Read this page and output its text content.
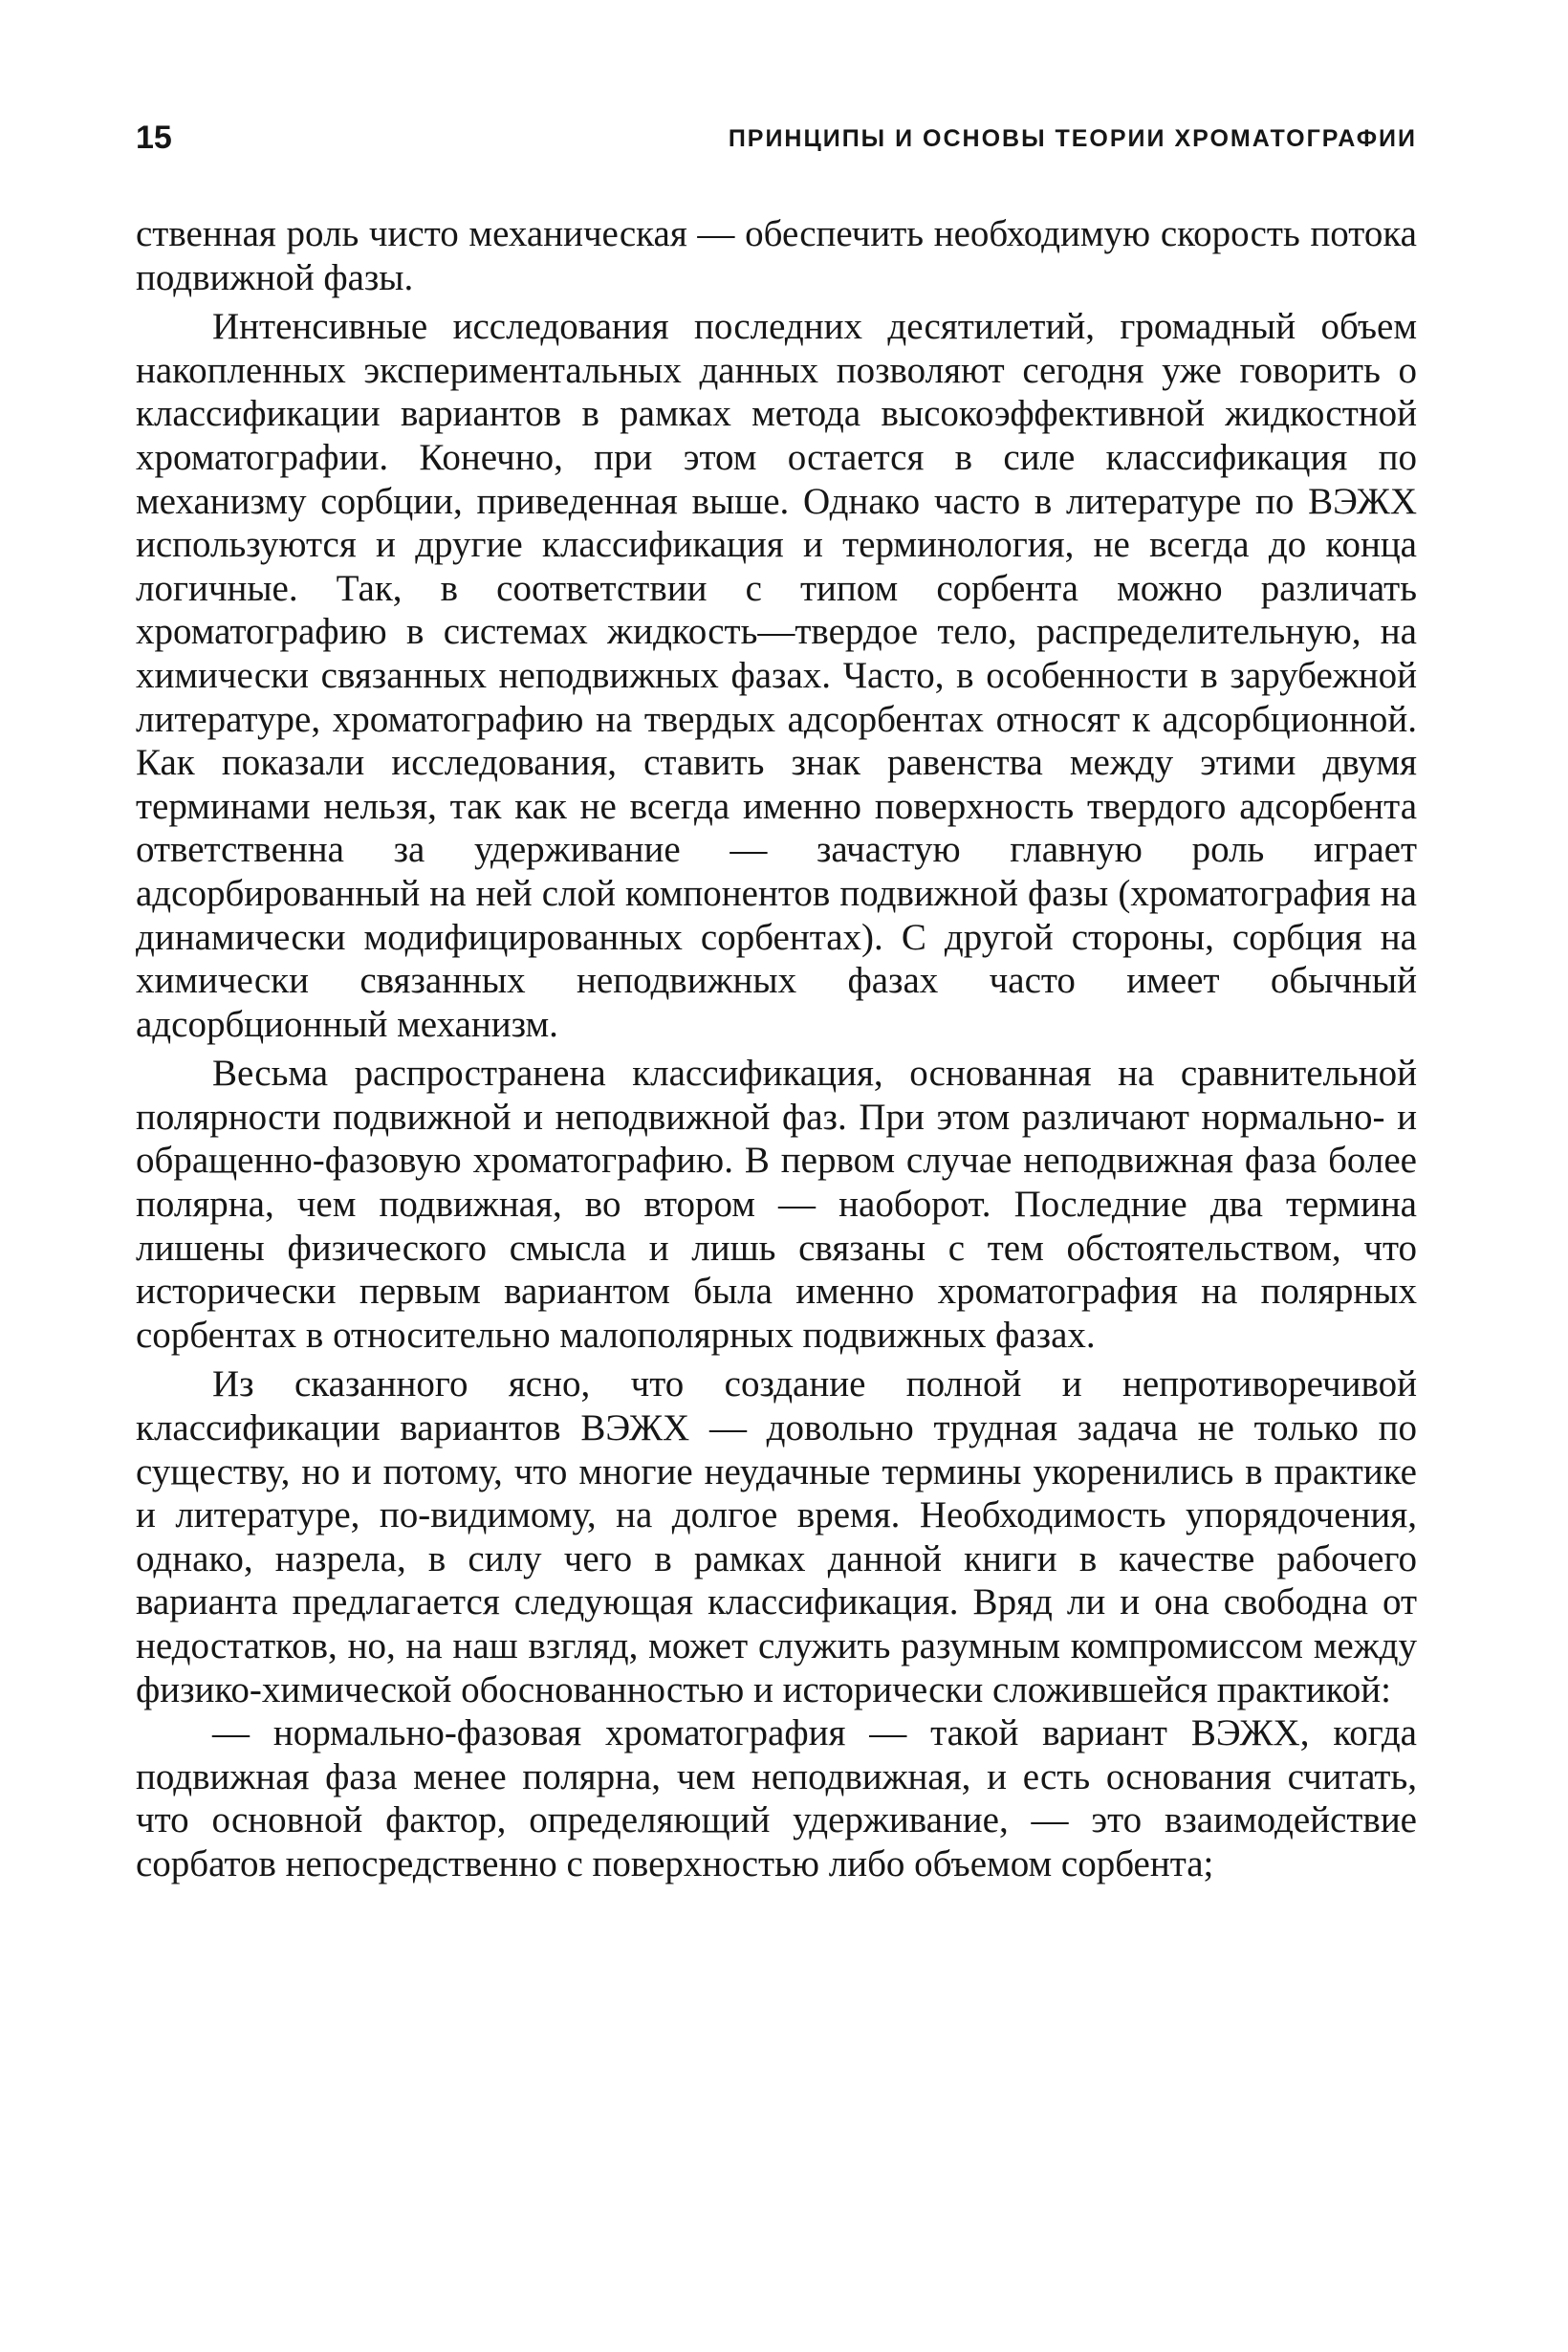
15	ПРИНЦИПЫ И ОСНОВЫ ТЕОРИИ ХРОМАТОГРАФИИ

ственная роль чисто механическая — обеспечить необходимую скорость потока подвижной фазы.

Интенсивные исследования последних десятилетий, громадный объем накопленных экспериментальных данных позволяют сегодня уже говорить о классификации вариантов в рамках метода высокоэффективной жидкостной хроматографии. Конечно, при этом остается в силе классификация по механизму сорбции, приведенная выше. Однако часто в литературе по ВЭЖХ используются и другие классификация и терминология, не всегда до конца логичные. Так, в соответствии с типом сорбента можно различать хроматографию в системах жидкость—твердое тело, распределительную, на химически связанных неподвижных фазах. Часто, в особенности в зарубежной литературе, хроматографию на твердых адсорбентах относят к адсорбционной. Как показали исследования, ставить знак равенства между этими двумя терминами нельзя, так как не всегда именно поверхность твердого адсорбента ответственна за удерживание — зачастую главную роль играет адсорбированный на ней слой компонентов подвижной фазы (хроматография на динамически модифицированных сорбентах). С другой стороны, сорбция на химически связанных неподвижных фазах часто имеет обычный адсорбционный механизм.

Весьма распространена классификация, основанная на сравнительной полярности подвижной и неподвижной фаз. При этом различают нормально- и обращенно-фазовую хроматографию. В первом случае неподвижная фаза более полярна, чем подвижная, во втором — наоборот. Последние два термина лишены физического смысла и лишь связаны с тем обстоятельством, что исторически первым вариантом была именно хроматография на полярных сорбентах в относительно малополярных подвижных фазах.

Из сказанного ясно, что создание полной и непротиворечивой классификации вариантов ВЭЖХ — довольно трудная задача не только по существу, но и потому, что многие неудачные термины укоренились в практике и литературе, по-видимому, на долгое время. Необходимость упорядочения, однако, назрела, в силу чего в рамках данной книги в качестве рабочего варианта предлагается следующая классификация. Вряд ли и она свободна от недостатков, но, на наш взгляд, может служить разумным компромиссом между физико-химической обоснованностью и исторически сложившейся практикой:

— нормально-фазовая хроматография — такой вариант ВЭЖХ, когда подвижная фаза менее полярна, чем неподвижная, и есть основания считать, что основной фактор, определяющий удерживание, — это взаимодействие сорбатов непосредственно с поверхностью либо объемом сорбента;
